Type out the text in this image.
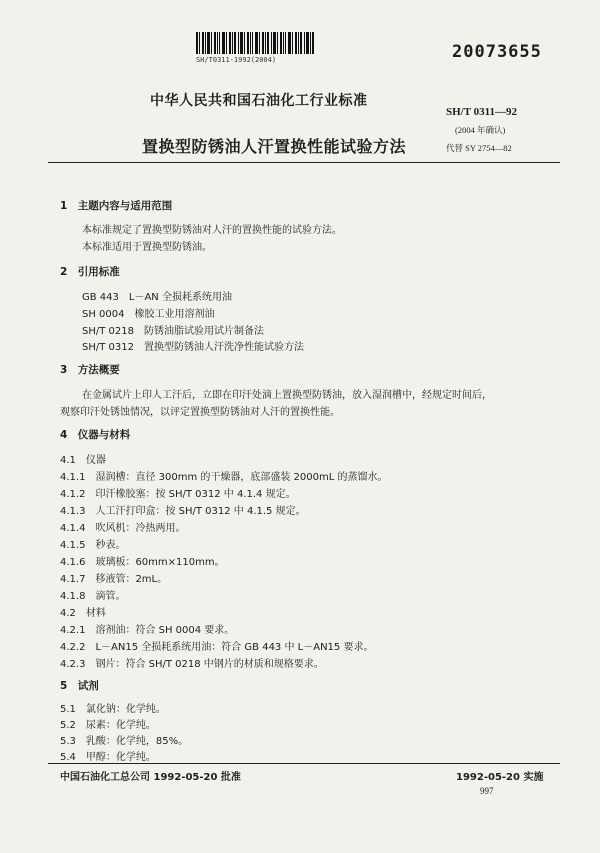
SH/T0311-1992(2004)	20073655
中华人民共和国石油化工行业标准
SH/T 0311—92
置换型防锈油人汗置换性能试验方法
(2004 年确认)
代替 SY 2754—82
1　主题内容与适用范围
本标准规定了置换型防锈油对人汗的置换性能的试验方法。
本标准适用于置换型防锈油。
2　引用标准
GB 443　L－AN 全损耗系统用油
SH 0004　橡胶工业用溶剂油
SH/T 0218　防锈油脂试验用试片制备法
SH/T 0312　置换型防锈油人汗洗净性能试验方法
3　方法概要
在金属试片上印人工汗后，立即在印汗处滴上置换型防锈油，放入湿润槽中，经规定时间后，
观察印汗处锈蚀情况，以评定置换型防锈油对人汗的置换性能。
4　仪器与材料
4.1　仪器
4.1.1　湿润槽：直径 300mm 的干燥器，底部盛装 2000mL 的蒸馏水。
4.1.2　印汗橡胶塞：按 SH/T 0312 中 4.1.4 规定。
4.1.3　人工汗打印盒：按 SH/T 0312 中 4.1.5 规定。
4.1.4　吹风机：冷热两用。
4.1.5　秒表。
4.1.6　玻璃板：60mm×110mm。
4.1.7　移液管：2mL。
4.1.8　滴管。
4.2　材料
4.2.1　溶剂油：符合 SH 0004 要求。
4.2.2　L－AN15 全损耗系统用油：符合 GB 443 中 L－AN15 要求。
4.2.3　钢片：符合 SH/T 0218 中钢片的材质和规格要求。
5　试剂
5.1　氯化钠：化学纯。
5.2　尿素：化学纯。
5.3　乳酸：化学纯，85%。
5.4　甲醇：化学纯。
中国石油化工总公司 1992-05-20 批准	1992-05-20 实施
997
